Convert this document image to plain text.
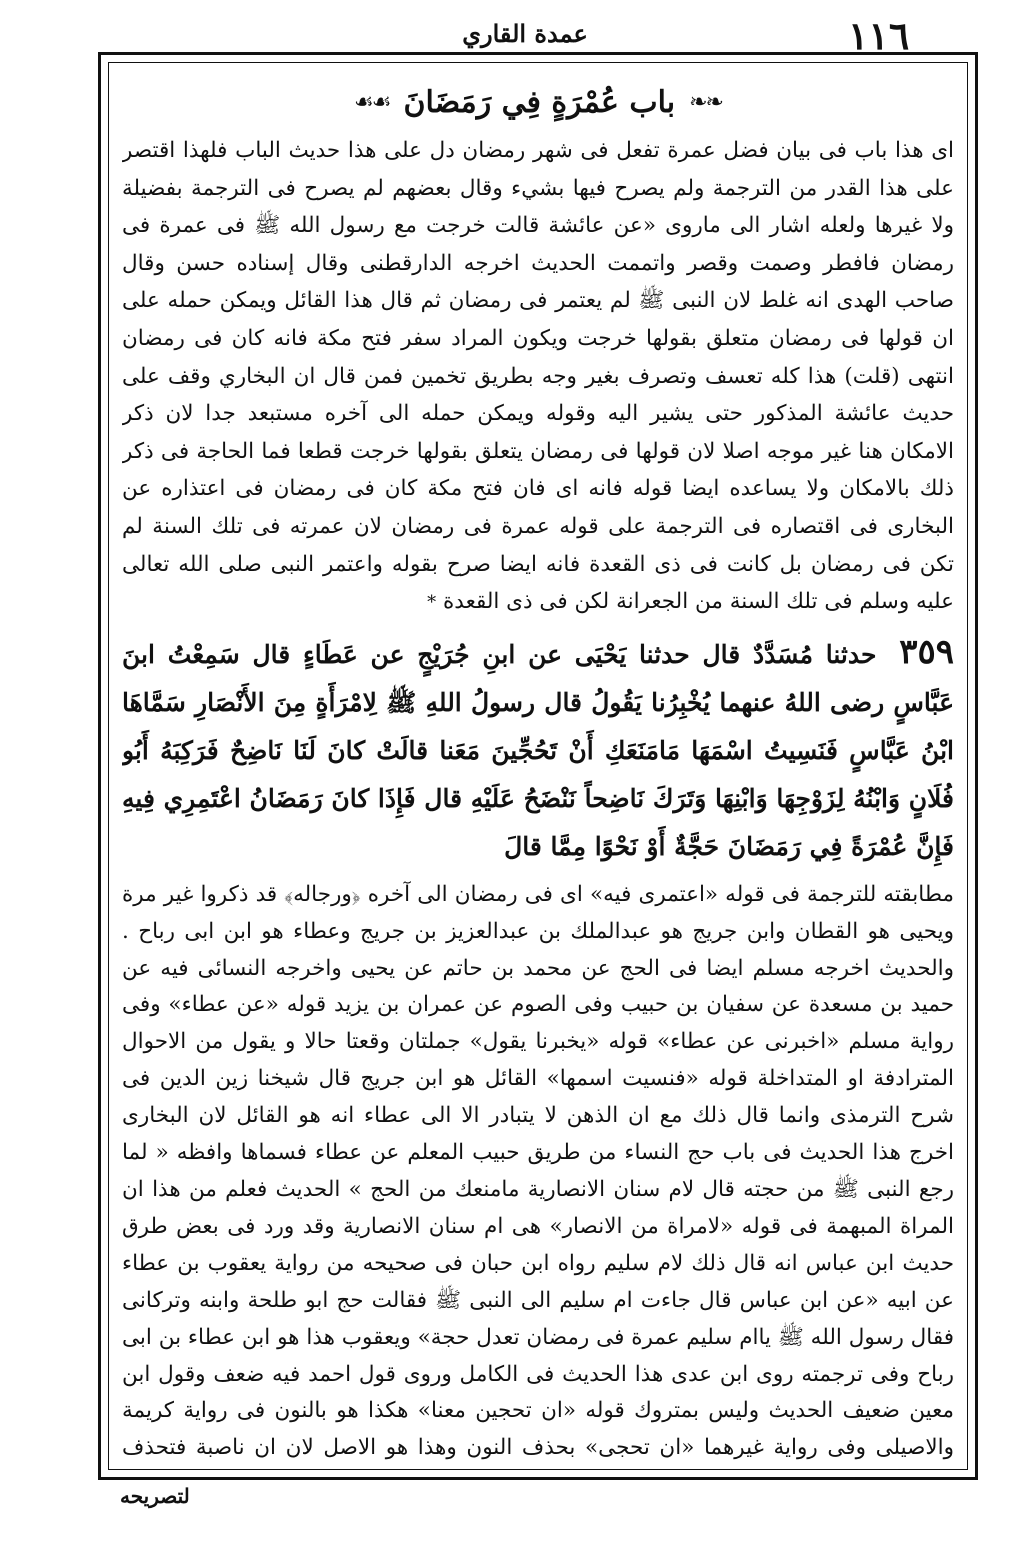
١١٦
عمدة القاري
❧❧
باب عُمْرَةٍ فِي رَمَضَانَ
☙☙

اى هذا باب فى بيان فضل عمرة تفعل فى شهر رمضان دل على هذا حديث الباب فلهذا اقتصر على هذا القدر من الترجمة ولم يصرح فيها بشيء وقال بعضهم لم يصرح فى الترجمة بفضيلة ولا غيرها ولعله اشار الى ماروى «عن عائشة قالت خرجت مع رسول الله ﷺ فى عمرة فى رمضان فافطر وصمت وقصر واتممت الحديث اخرجه الدارقطنى وقال إسناده حسن وقال صاحب الهدى انه غلط لان النبى ﷺ لم يعتمر فى رمضان ثم قال هذا القائل ويمكن حمله على ان قولها فى رمضان متعلق بقولها خرجت ويكون المراد سفر فتح مكة فانه كان فى رمضان انتهى (قلت) هذا كله تعسف وتصرف بغير وجه بطريق تخمين فمن قال ان البخاري وقف على حديث عائشة المذكور حتى يشير اليه وقوله ويمكن حمله الى آخره مستبعد جدا لان ذكر الامكان هنا غير موجه اصلا لان قولها فى رمضان يتعلق بقولها خرجت قطعا فما الحاجة فى ذكر ذلك بالامكان ولا يساعده ايضا قوله فانه اى فان فتح مكة كان فى رمضان فى اعتذاره عن البخارى فى اقتصاره فى الترجمة على قوله عمرة فى رمضان لان عمرته فى تلك السنة لم تكن فى رمضان بل كانت فى ذى القعدة فانه ايضا صرح بقوله واعتمر النبى صلى الله تعالى عليه وسلم فى تلك السنة من الجعرانة لكن فى ذى القعدة *

٣٥٩ حدثنا مُسَدَّدٌ قال حدثنا يَحْيَى عن ابنِ جُرَيْجٍ عن عَطَاءٍ قال سَمِعْتُ ابنَ عَبَّاسٍ رضى اللهُ عنهما يُخْبِرُنا يَقُولُ قال رسولُ اللهِ ﷺ لِامْرَأَةٍ مِنَ الأَنْصَارِ سَمَّاهَا ابْنُ عَبَّاسٍ فَنَسِيتُ اسْمَهَا مَامَنَعَكِ أَنْ تَحُجِّينَ مَعَنا قالَتْ كانَ لَنَا نَاضِحٌ فَرَكِبَهُ أَبُو فُلَانٍ وَابْنُهُ لِزَوْجِهَا وَابْنِهَا وَتَرَكَ نَاضِحاً نَنْضَحُ عَلَيْهِ قال فَإِذَا كانَ رَمَضَانُ اعْتَمِرِي فِيهِ فَإِنَّ عُمْرَةً فِي رَمَضَانَ حَجَّةٌ أَوْ نَحْوًا مِمَّا قالَ

مطابقته للترجمة فى قوله «اعتمرى فيه» اى فى رمضان الى آخره ﴿ورجاله﴾ قد ذكروا غير مرة ويحيى هو القطان وابن جريج هو عبدالملك بن عبدالعزيز بن جريج وعطاء هو ابن ابى رباح . والحديث اخرجه مسلم ايضا فى الحج عن محمد بن حاتم عن يحيى واخرجه النسائى فيه عن حميد بن مسعدة عن سفيان بن حبيب وفى الصوم عن عمران بن يزيد قوله «عن عطاء» وفى رواية مسلم «اخبرنى عن عطاء» قوله «يخبرنا يقول» جملتان وقعتا حالا و يقول من الاحوال المترادفة او المتداخلة قوله «فنسيت اسمها» القائل هو ابن جريج قال شيخنا زين الدين فى شرح الترمذى وانما قال ذلك مع ان الذهن لا يتبادر الا الى عطاء انه هو القائل لان البخارى اخرج هذا الحديث فى باب حج النساء من طريق حبيب المعلم عن عطاء فسماها وافظه « لما رجع النبى ﷺ من حجته قال لام سنان الانصارية مامنعك من الحج » الحديث فعلم من هذا ان المراة المبهمة فى قوله «لامراة من الانصار» هى ام سنان الانصارية وقد ورد فى بعض طرق حديث ابن عباس انه قال ذلك لام سليم رواه ابن حبان فى صحيحه من رواية يعقوب بن عطاء عن ابيه «عن ابن عباس قال جاءت ام سليم الى النبى ﷺ فقالت حج ابو طلحة وابنه وتركانى فقال رسول الله ﷺ ياام سليم عمرة فى رمضان تعدل حجة» ويعقوب هذا هو ابن عطاء بن ابى رباح وفى ترجمته روى ابن عدى هذا الحديث فى الكامل وروى قول احمد فيه ضعف وقول ابن معين ضعيف الحديث وليس بمتروك قوله «ان تحجين معنا» هكذا هو بالنون فى رواية كريمة والاصيلى وفى رواية غيرهما «ان تحجى» بحذف النون وهذا هو الاصل لان ان ناصبة فتحذف

لتصريحه
